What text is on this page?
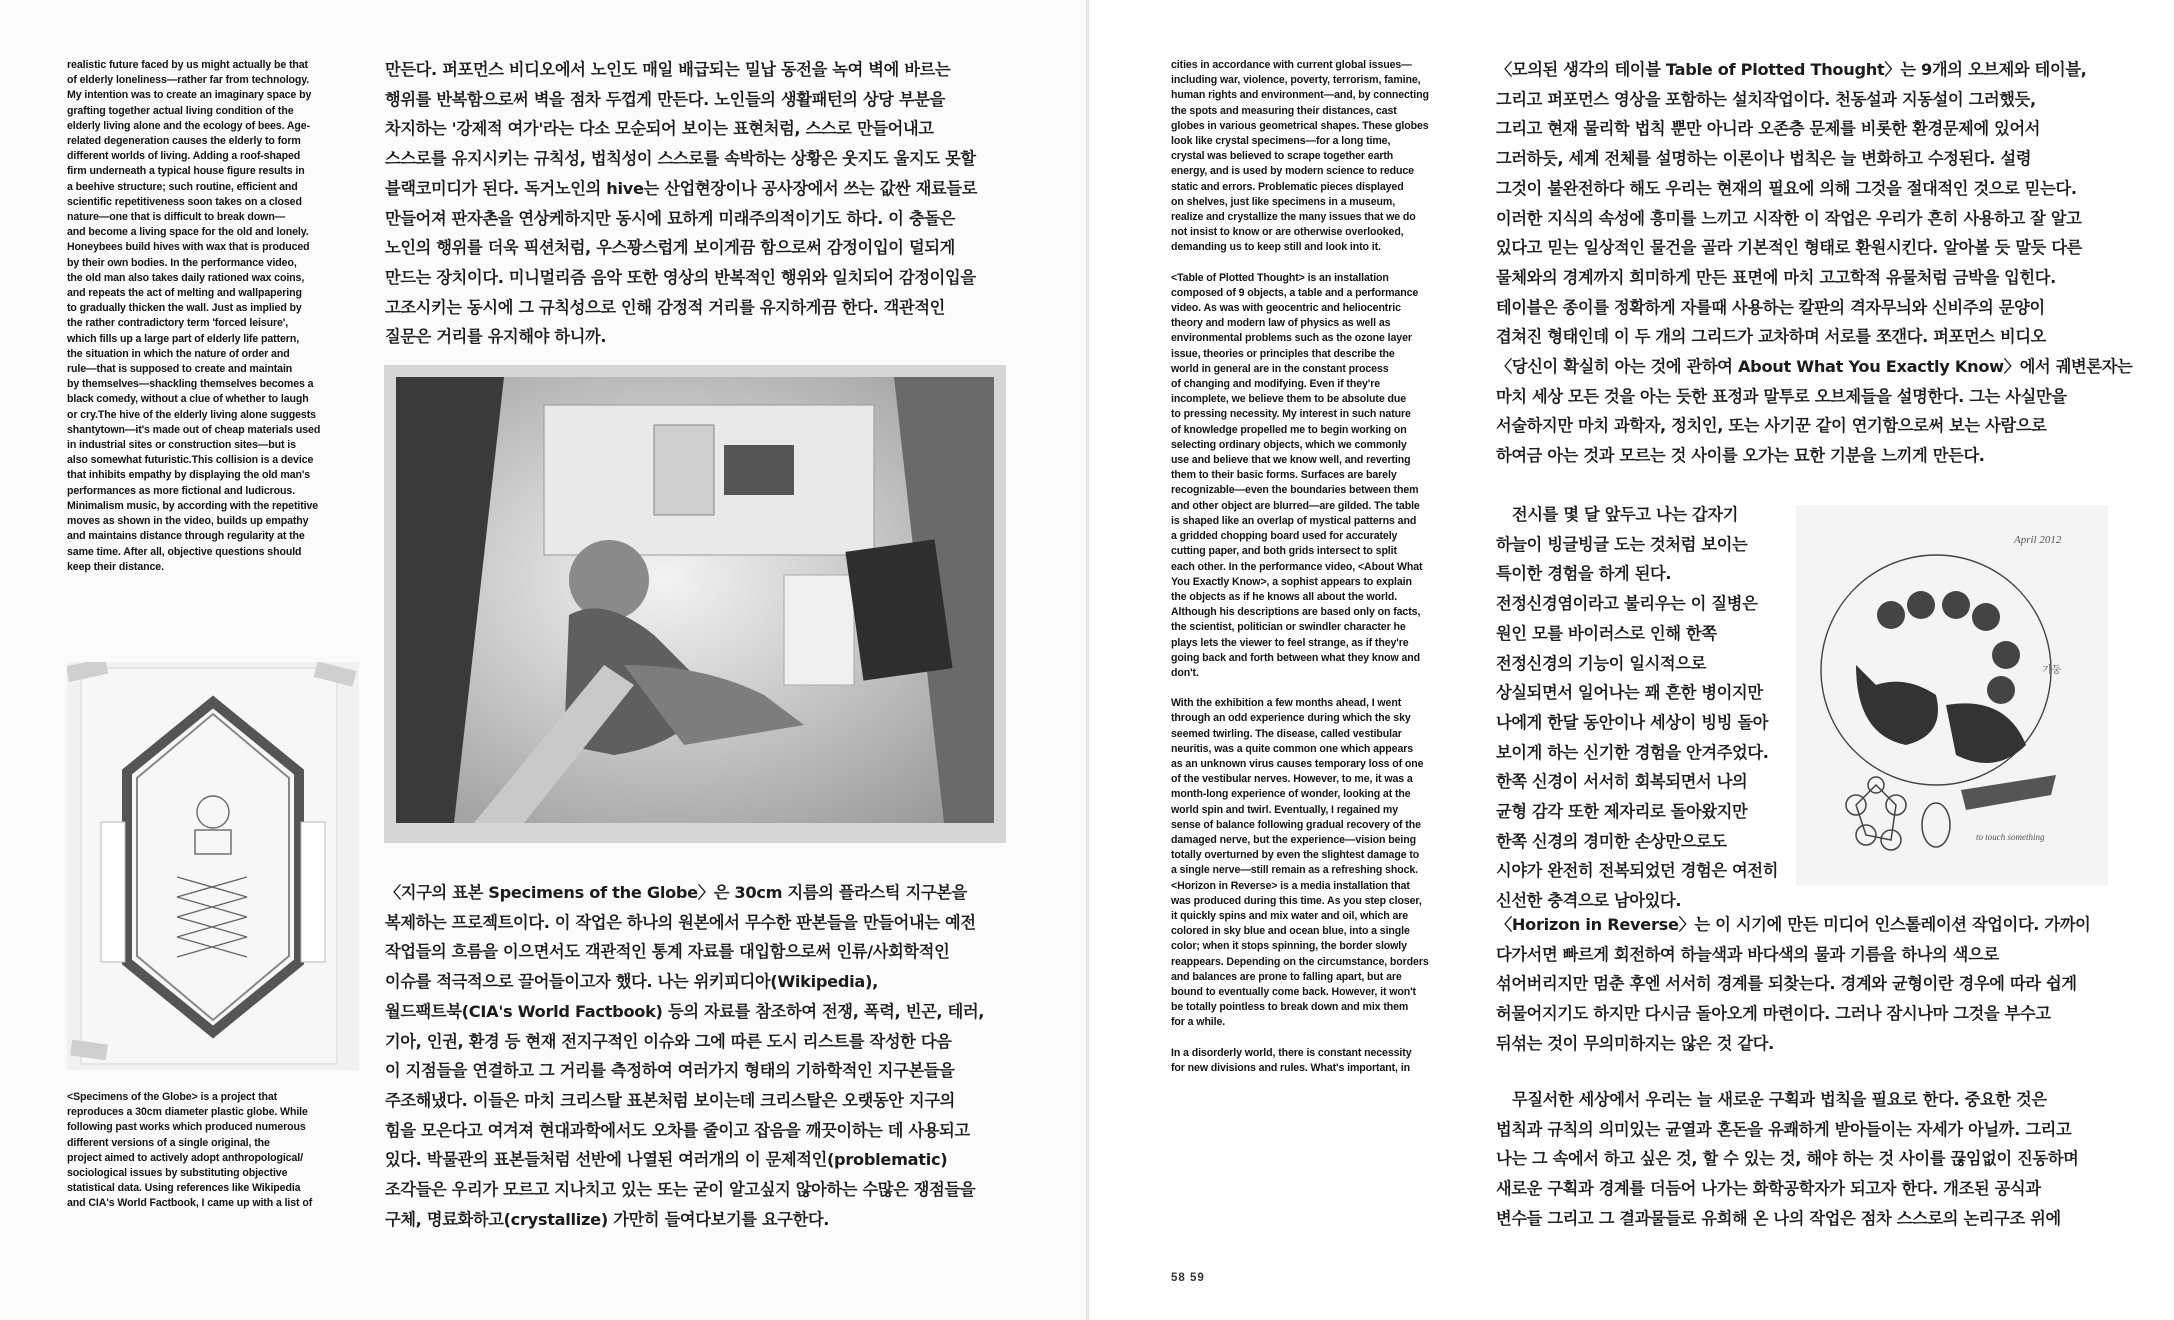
realistic future faced by us might actually be that
of elderly loneliness—rather far from technology.
My intention was to create an imaginary space by
grafting together actual living condition of the
elderly living alone and the ecology of bees. Age-
related degeneration causes the elderly to form
different worlds of living. Adding a roof-shaped
firm underneath a typical house figure results in
a beehive structure; such routine, efficient and
scientific repetitiveness soon takes on a closed
nature—one that is difficult to break down—
and become a living space for the old and lonely.
Honeybees build hives with wax that is produced
by their own bodies. In the performance video,
the old man also takes daily rationed wax coins,
and repeats the act of melting and wallpapering
to gradually thicken the wall. Just as implied by
the rather contradictory term 'forced leisure',
which fills up a large part of elderly life pattern,
the situation in which the nature of order and
rule—that is supposed to create and maintain
by themselves—shackling themselves becomes a
black comedy, without a clue of whether to laugh
or cry.The hive of the elderly living alone suggests
shantytown—it's made out of cheap materials used
in industrial sites or construction sites—but is
also somewhat futuristic.This collision is a device
that inhibits empathy by displaying the old man's
performances as more fictional and ludicrous.
Minimalism music, by according with the repetitive
moves as shown in the video, builds up empathy
and maintains distance through regularity at the
same time. After all, objective questions should
keep their distance.

<Specimens of the Globe> is a project that
reproduces a 30cm diameter plastic globe. While
following past works which produced numerous
different versions of a single original, the
project aimed to actively adopt anthropological/
sociological issues by substituting objective
statistical data. Using references like Wikipedia
and CIA's World Factbook, I came up with a list of

만든다. 퍼포먼스 비디오에서 노인도 매일 배급되는 밀납 동전을 녹여 벽에 바르는
행위를 반복함으로써 벽을 점차 두껍게 만든다. 노인들의 생활패턴의 상당 부분을
차지하는 '강제적 여가'라는 다소 모순되어 보이는 표현처럼, 스스로 만들어내고
스스로를 유지시키는 규칙성, 법칙성이 스스로를 속박하는 상황은 웃지도 울지도 못할
블랙코미디가 된다. 독거노인의 hive는 산업현장이나 공사장에서 쓰는 값싼 재료들로
만들어져 판자촌을 연상케하지만 동시에 묘하게 미래주의적이기도 하다. 이 충돌은
노인의 행위를 더욱 픽션처럼, 우스꽝스럽게 보이게끔 함으로써 감정이입이 덜되게
만드는 장치이다. 미니멀리즘 음악 또한 영상의 반복적인 행위와 일치되어 감정이입을
고조시키는 동시에 그 규칙성으로 인해 감정적 거리를 유지하게끔 한다. 객관적인
질문은 거리를 유지해야 하니까.

〈지구의 표본 Specimens of the Globe〉은 30cm 지름의 플라스틱 지구본을
복제하는 프로젝트이다. 이 작업은 하나의 원본에서 무수한 판본들을 만들어내는 예전
작업들의 흐름을 이으면서도 객관적인 통계 자료를 대입함으로써 인류/사회학적인
이슈를 적극적으로 끌어들이고자 했다. 나는 위키피디아(Wikipedia),
월드팩트북(CIA's World Factbook) 등의 자료를 참조하여 전쟁, 폭력, 빈곤, 테러,
기아, 인권, 환경 등 현재 전지구적인 이슈와 그에 따른 도시 리스트를 작성한 다음
이 지점들을 연결하고 그 거리를 측정하여 여러가지 형태의 기하학적인 지구본들을
주조해냈다. 이들은 마치 크리스탈 표본처럼 보이는데 크리스탈은 오랫동안 지구의
힘을 모은다고 여겨져 현대과학에서도 오차를 줄이고 잡음을 깨끗이하는 데 사용되고
있다. 박물관의 표본들처럼 선반에 나열된 여러개의 이 문제적인(problematic)
조각들은 우리가 모르고 지나치고 있는 또는 굳이 알고싶지 않아하는 수많은 쟁점들을
구체, 명료화하고(crystallize) 가만히 들여다보기를 요구한다.

cities in accordance with current global issues—
including war, violence, poverty, terrorism, famine,
human rights and environment—and, by connecting
the spots and measuring their distances, cast
globes in various geometrical shapes. These globes
look like crystal specimens—for a long time,
crystal was believed to scrape together earth
energy, and is used by modern science to reduce
static and errors. Problematic pieces displayed
on shelves, just like specimens in a museum,
realize and crystallize the many issues that we do
not insist to know or are otherwise overlooked,
demanding us to keep still and look into it.

<Table of Plotted Thought> is an installation
composed of 9 objects, a table and a performance
video. As was with geocentric and heliocentric
theory and modern law of physics as well as
environmental problems such as the ozone layer
issue, theories or principles that describe the
world in general are in the constant process
of changing and modifying. Even if they're
incomplete, we believe them to be absolute due
to pressing necessity. My interest in such nature
of knowledge propelled me to begin working on
selecting ordinary objects, which we commonly
use and believe that we know well, and reverting
them to their basic forms. Surfaces are barely
recognizable—even the boundaries between them
and other object are blurred—are gilded. The table
is shaped like an overlap of mystical patterns and
a gridded chopping board used for accurately
cutting paper, and both grids intersect to split
each other. In the performance video, <About What
You Exactly Know>, a sophist appears to explain
the objects as if he knows all about the world.
Although his descriptions are based only on facts,
the scientist, politician or swindler character he
plays lets the viewer to feel strange, as if they're
going back and forth between what they know and
don't.

With the exhibition a few months ahead, I went
through an odd experience during which the sky
seemed twirling. The disease, called vestibular
neuritis, was a quite common one which appears
as an unknown virus causes temporary loss of one
of the vestibular nerves. However, to me, it was a
month-long experience of wonder, looking at the
world spin and twirl. Eventually, I regained my
sense of balance following gradual recovery of the
damaged nerve, but the experience—vision being
totally overturned by even the slightest damage to
a single nerve—still remain as a refreshing shock.
<Horizon in Reverse> is a media installation that
was produced during this time. As you step closer,
it quickly spins and mix water and oil, which are
colored in sky blue and ocean blue, into a single
color; when it stops spinning, the border slowly
reappears. Depending on the circumstance, borders
and balances are prone to falling apart, but are
bound to eventually come back. However, it won't
be totally pointless to break down and mix them
for a while.

In a disorderly world, there is constant necessity
for new divisions and rules. What's important, in

〈모의된 생각의 테이블 Table of Plotted Thought〉는 9개의 오브제와 테이블,
그리고 퍼포먼스 영상을 포함하는 설치작업이다. 천동설과 지동설이 그러했듯,
그리고 현재 물리학 법칙 뿐만 아니라 오존층 문제를 비롯한 환경문제에 있어서
그러하듯, 세계 전체를 설명하는 이론이나 법칙은 늘 변화하고 수정된다. 설령
그것이 불완전하다 해도 우리는 현재의 필요에 의해 그것을 절대적인 것으로 믿는다.
이러한 지식의 속성에 흥미를 느끼고 시작한 이 작업은 우리가 흔히 사용하고 잘 알고
있다고 믿는 일상적인 물건을 골라 기본적인 형태로 환원시킨다. 알아볼 듯 말듯 다른
물체와의 경계까지 희미하게 만든 표면에 마치 고고학적 유물처럼 금박을 입힌다.
테이블은 종이를 정확하게 자를때 사용하는 칼판의 격자무늬와 신비주의 문양이
겹쳐진 형태인데 이 두 개의 그리드가 교차하며 서로를 쪼갠다. 퍼포먼스 비디오
〈당신이 확실히 아는 것에 관하여 About What You Exactly Know〉에서 궤변론자는
마치 세상 모든 것을 아는 듯한 표정과 말투로 오브제들을 설명한다. 그는 사실만을
서술하지만 마치 과학자, 정치인, 또는 사기꾼 같이 연기함으로써 보는 사람으로
하여금 아는 것과 모르는 것 사이를 오가는 묘한 기분을 느끼게 만든다.

전시를 몇 달 앞두고 나는 갑자기
하늘이 빙글빙글 도는 것처럼 보이는
특이한 경험을 하게 된다.
전정신경염이라고 불리우는 이 질병은
원인 모를 바이러스로 인해 한쪽
전정신경의 기능이 일시적으로
상실되면서 일어나는 꽤 흔한 병이지만
나에게 한달 동안이나 세상이 빙빙 돌아
보이게 하는 신기한 경험을 안겨주었다.
한쪽 신경이 서서히 회복되면서 나의
균형 감각 또한 제자리로 돌아왔지만
한쪽 신경의 경미한 손상만으로도
시야가 완전히 전복되었던 경험은 여전히
신선한 충격으로 남아있다.

April 2012
기둥
to touch something

〈Horizon in Reverse〉는 이 시기에 만든 미디어 인스톨레이션 작업이다. 가까이
다가서면 빠르게 회전하여 하늘색과 바다색의 물과 기름을 하나의 색으로
섞어버리지만 멈춘 후엔 서서히 경계를 되찾는다. 경계와 균형이란 경우에 따라 쉽게
허물어지기도 하지만 다시금 돌아오게 마련이다. 그러나 잠시나마 그것을 부수고
뒤섞는 것이 무의미하지는 않은 것 같다.

무질서한 세상에서 우리는 늘 새로운 구획과 법칙을 필요로 한다. 중요한 것은
법칙과 규칙의 의미있는 균열과 혼돈을 유쾌하게 받아들이는 자세가 아닐까. 그리고
나는 그 속에서 하고 싶은 것, 할 수 있는 것, 해야 하는 것 사이를 끊임없이 진동하며
새로운 구획과 경계를 더듬어 나가는 화학공학자가 되고자 한다. 개조된 공식과
변수들 그리고 그 결과물들로 유희해 온 나의 작업은 점차 스스로의 논리구조 위에

58 59
